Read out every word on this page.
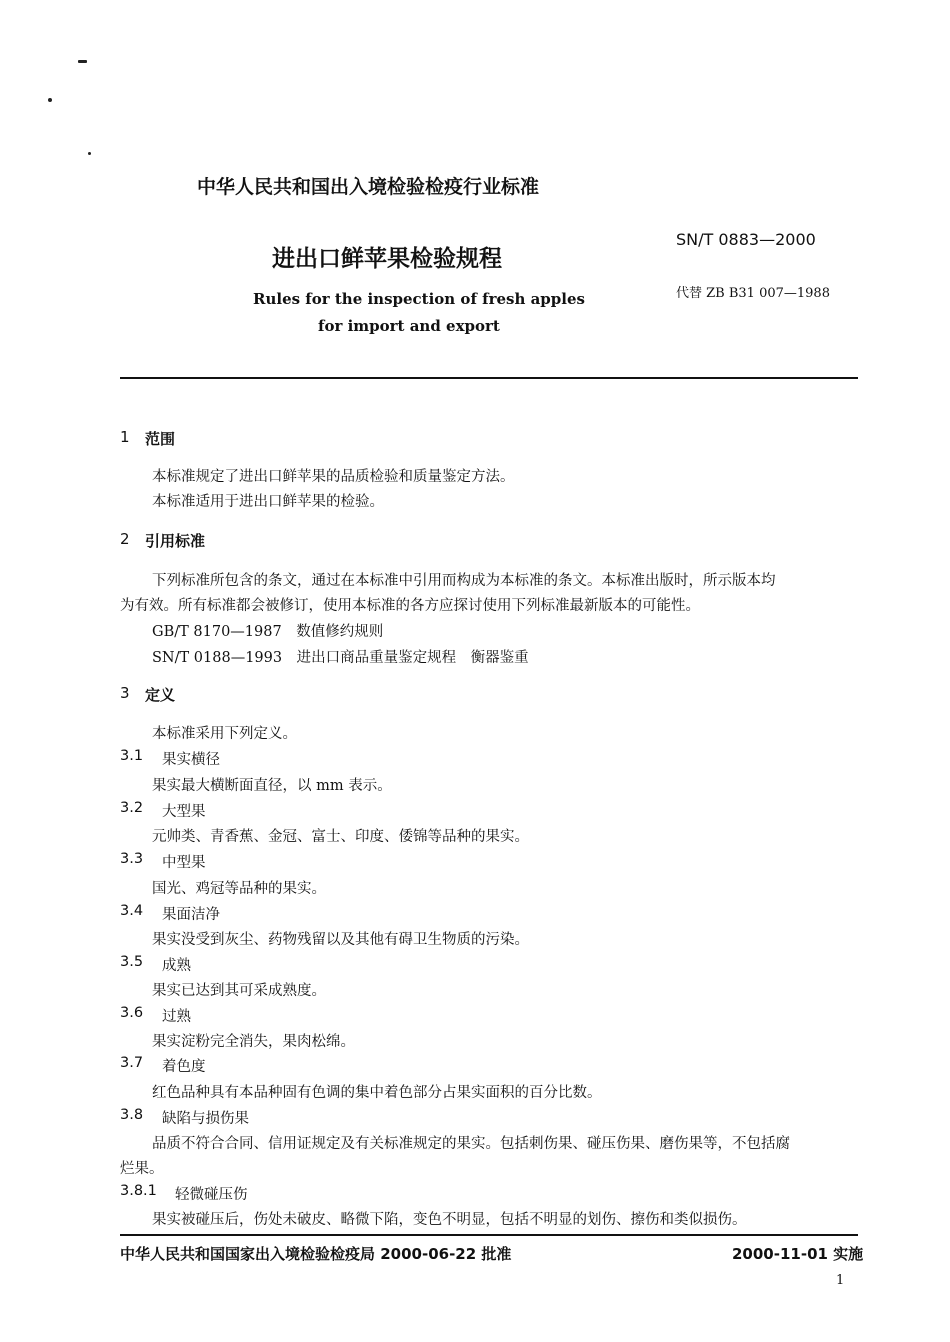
中华人民共和国出入境检验检疫行业标准
SN/T 0883—2000
代替 ZB B31 007—1988
进出口鲜苹果检验规程
Rules for the inspection of fresh apples
for import and export
1 范围
本标准规定了进出口鲜苹果的品质检验和质量鉴定方法。
本标准适用于进出口鲜苹果的检验。
2 引用标准
下列标准所包含的条文，通过在本标准中引用而构成为本标准的条文。本标准出版时，所示版本均
为有效。所有标准都会被修订，使用本标准的各方应探讨使用下列标准最新版本的可能性。
GB/T 8170—1987　数值修约规则
SN/T 0188—1993　进出口商品重量鉴定规程　衡器鉴重
3 定义
本标准采用下列定义。
3.1 果实横径
果实最大横断面直径，以 mm 表示。
3.2 大型果
元帅类、青香蕉、金冠、富士、印度、倭锦等品种的果实。
3.3 中型果
国光、鸡冠等品种的果实。
3.4 果面洁净
果实没受到灰尘、药物残留以及其他有碍卫生物质的污染。
3.5 成熟
果实已达到其可采成熟度。
3.6 过熟
果实淀粉完全消失，果肉松绵。
3.7 着色度
红色品种具有本品种固有色调的集中着色部分占果实面积的百分比数。
3.8 缺陷与损伤果
品质不符合合同、信用证规定及有关标准规定的果实。包括刺伤果、碰压伤果、磨伤果等，不包括腐
烂果。
3.8.1 轻微碰压伤
果实被碰压后，伤处未破皮、略微下陷，变色不明显，包括不明显的划伤、擦伤和类似损伤。
中华人民共和国国家出入境检验检疫局 2000-06-22 批准	2000-11-01 实施
1
